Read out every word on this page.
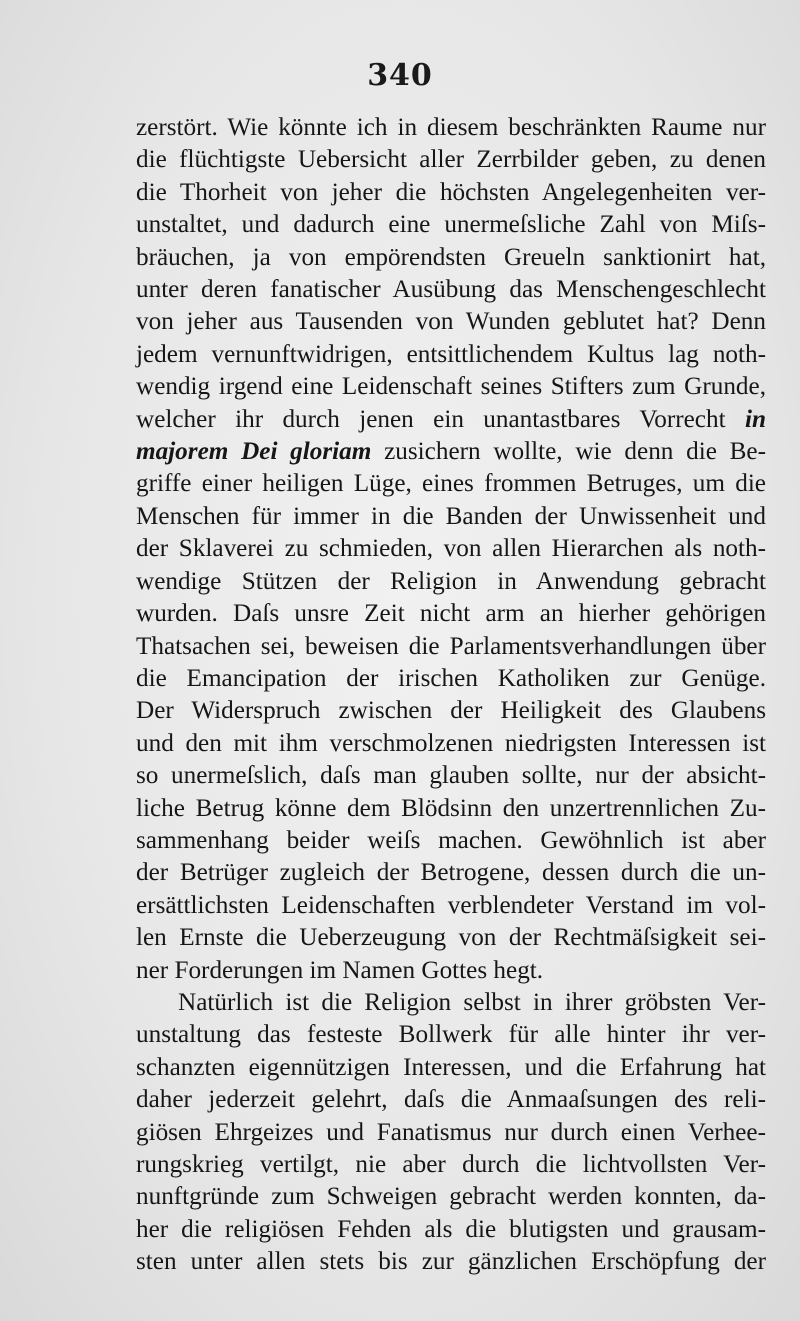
340
zerstört. Wie könnte ich in diesem beschränkten Raume nur
die flüchtigste Uebersicht aller Zerrbilder geben, zu denen
die Thorheit von jeher die höchsten Angelegenheiten ver-
unstaltet, und dadurch eine unermeſsliche Zahl von Miſs-
bräuchen, ja von empörendsten Greueln sanktionirt hat,
unter deren fanatischer Ausübung das Menschengeschlecht
von jeher aus Tausenden von Wunden geblutet hat? Denn
jedem vernunftwidrigen, entsittlichendem Kultus lag noth-
wendig irgend eine Leidenschaft seines Stifters zum Grunde,
welcher ihr durch jenen ein unantastbares Vorrecht in
majorem Dei gloriam zusichern wollte, wie denn die Be-
griffe einer heiligen Lüge, eines frommen Betruges, um die
Menschen für immer in die Banden der Unwissenheit und
der Sklaverei zu schmieden, von allen Hierarchen als noth-
wendige Stützen der Religion in Anwendung gebracht
wurden. Daſs unsre Zeit nicht arm an hierher gehörigen
Thatsachen sei, beweisen die Parlamentsverhandlungen über
die Emancipation der irischen Katholiken zur Genüge.
Der Widerspruch zwischen der Heiligkeit des Glaubens
und den mit ihm verschmolzenen niedrigsten Interessen ist
so unermeſslich, daſs man glauben sollte, nur der absicht-
liche Betrug könne dem Blödsinn den unzertrennlichen Zu-
sammenhang beider weiſs machen. Gewöhnlich ist aber
der Betrüger zugleich der Betrogene, dessen durch die un-
ersättlichsten Leidenschaften verblendeter Verstand im vol-
len Ernste die Ueberzeugung von der Rechtmäſsigkeit sei-
ner Forderungen im Namen Gottes hegt.
Natürlich ist die Religion selbst in ihrer gröbsten Ver-
unstaltung das festeste Bollwerk für alle hinter ihr ver-
schanzten eigennützigen Interessen, und die Erfahrung hat
daher jederzeit gelehrt, daſs die Anmaaſsungen des reli-
giösen Ehrgeizes und Fanatismus nur durch einen Verhee-
rungskrieg vertilgt, nie aber durch die lichtvollsten Ver-
nunftgründe zum Schweigen gebracht werden konnten, da-
her die religiösen Fehden als die blutigsten und grausam-
sten unter allen stets bis zur gänzlichen Erschöpfung der
